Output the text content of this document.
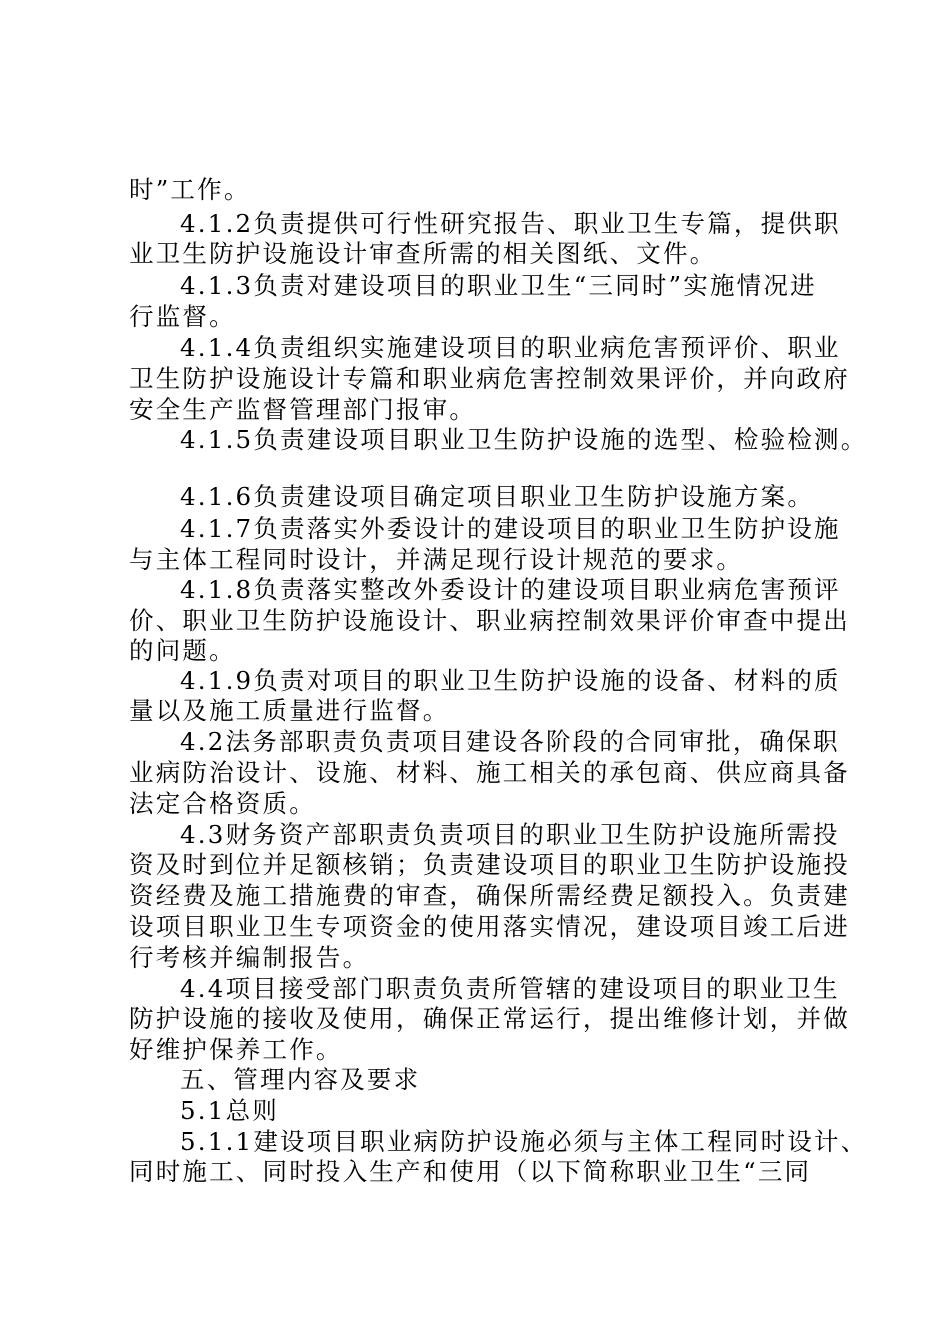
时”工作。
4.1.2负责提供可行性研究报告、职业卫生专篇，提供职
业卫生防护设施设计审查所需的相关图纸、文件。
4.1.3负责对建设项目的职业卫生“三同时”实施情况进
行监督。
4.1.4负责组织实施建设项目的职业病危害预评价、职业
卫生防护设施设计专篇和职业病危害控制效果评价，并向政府
安全生产监督管理部门报审。
4.1.5负责建设项目职业卫生防护设施的选型、检验检测。
4.1.6负责建设项目确定项目职业卫生防护设施方案。
4.1.7负责落实外委设计的建设项目的职业卫生防护设施
与主体工程同时设计，并满足现行设计规范的要求。
4.1.8负责落实整改外委设计的建设项目职业病危害预评
价、职业卫生防护设施设计、职业病控制效果评价审查中提出
的问题。
4.1.9负责对项目的职业卫生防护设施的设备、材料的质
量以及施工质量进行监督。
4.2法务部职责负责项目建设各阶段的合同审批，确保职
业病防治设计、设施、材料、施工相关的承包商、供应商具备
法定合格资质。
4.3财务资产部职责负责项目的职业卫生防护设施所需投
资及时到位并足额核销；负责建设项目的职业卫生防护设施投
资经费及施工措施费的审查，确保所需经费足额投入。负责建
设项目职业卫生专项资金的使用落实情况，建设项目竣工后进
行考核并编制报告。
4.4项目接受部门职责负责所管辖的建设项目的职业卫生
防护设施的接收及使用，确保正常运行，提出维修计划，并做
好维护保养工作。
五、管理内容及要求
5.1总则
5.1.1建设项目职业病防护设施必须与主体工程同时设计、
同时施工、同时投入生产和使用（以下简称职业卫生“三同
